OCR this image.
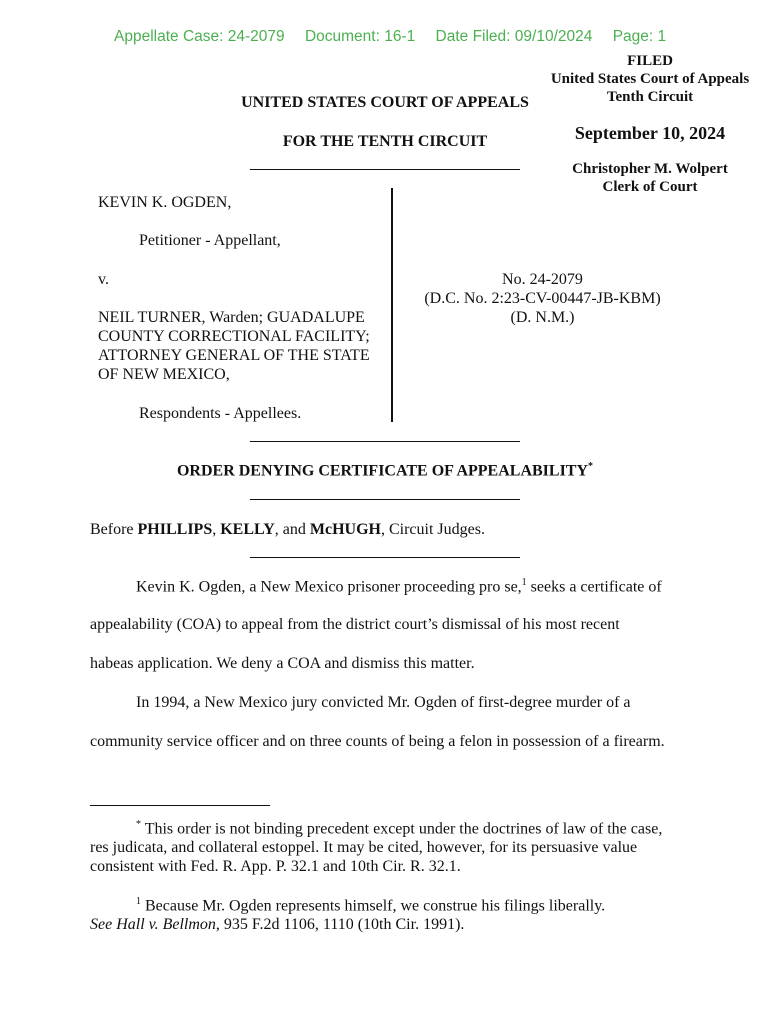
Appellate Case: 24-2079 Document: 16-1 Date Filed: 09/10/2024 Page: 1
FILED
United States Court of Appeals
Tenth Circuit
September 10, 2024
Christopher M. Wolpert
Clerk of Court
UNITED STATES COURT OF APPEALS
FOR THE TENTH CIRCUIT
KEVIN K. OGDEN,
Petitioner - Appellant,
v.
NEIL TURNER, Warden; GUADALUPE
COUNTY CORRECTIONAL FACILITY;
ATTORNEY GENERAL OF THE STATE
OF NEW MEXICO,
Respondents - Appellees.
No. 24-2079
(D.C. No. 2:23-CV-00447-JB-KBM)
(D. N.M.)
ORDER DENYING CERTIFICATE OF APPEALABILITY*
Before PHILLIPS, KELLY, and McHUGH, Circuit Judges.
Kevin K. Ogden, a New Mexico prisoner proceeding pro se,$^1$ seeks a certificate of
appealability (COA) to appeal from the district court’s dismissal of his most recent
habeas application. We deny a COA and dismiss this matter.
In 1994, a New Mexico jury convicted Mr. Ogden of first-degree murder of a
community service officer and on three counts of being a felon in possession of a firearm.
* This order is not binding precedent except under the doctrines of law of the case,
res judicata, and collateral estoppel. It may be cited, however, for its persuasive value
consistent with Fed. R. App. P. 32.1 and 10th Cir. R. 32.1.
$^1$ Because Mr. Ogden represents himself, we construe his filings liberally.
See Hall v. Bellmon, 935 F.2d 1106, 1110 (10th Cir. 1991).
